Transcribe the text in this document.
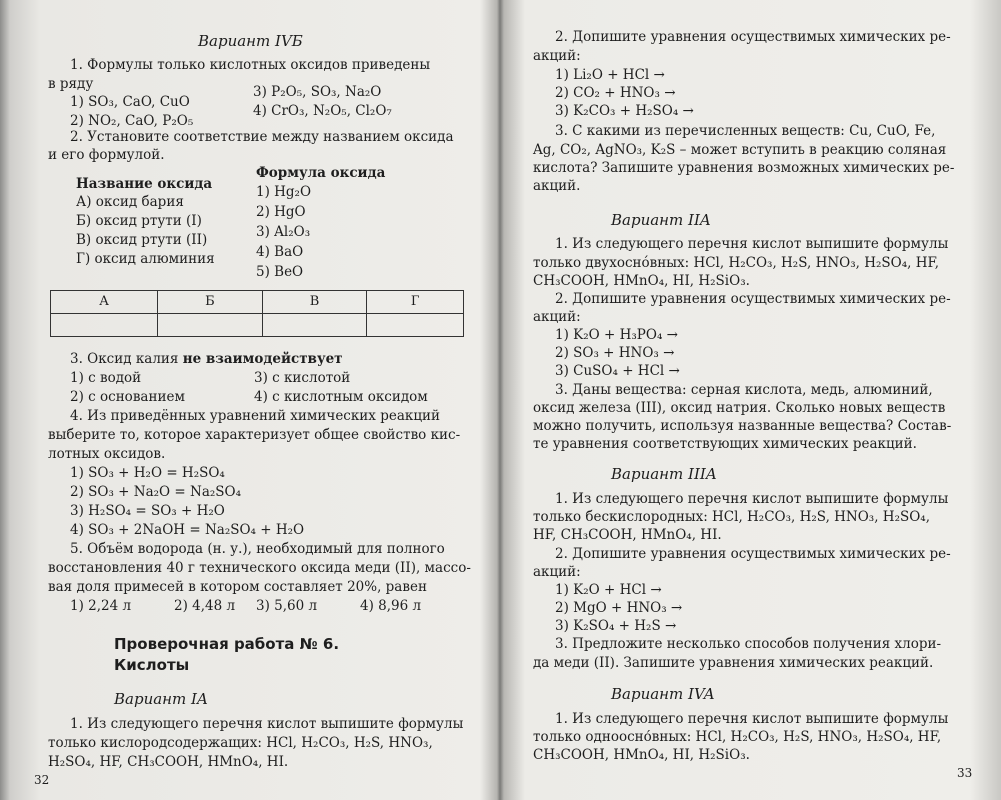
Вариант IVБ
1. Формулы только кислотных оксидов приведены
в ряду
1) SO₃, CaO, CuO
3) P₂O₅, SO₃, Na₂O
2) NO₂, CaO, P₂O₅
4) CrO₃, N₂O₅, Cl₂O₇
2. Установите соответствие между названием оксида
и его формулой.
Название оксида
Формула оксида
А) оксид бария
Б) оксид ртути (I)
В) оксид ртути (II)
Г) оксид алюминия
1) Hg₂O
2) HgO
3) Al₂O₃
4) BaO
5) BeO
А	Б	В	Г

3. Оксид калия не взаимодействует
1) с водой	3) с кислотой
2) с основанием	4) с кислотным оксидом
4. Из приведённых уравнений химических реакций
выберите то, которое характеризует общее свойство кис-
лотных оксидов.
1) SO₃ + H₂O = H₂SO₄
2) SO₃ + Na₂O = Na₂SO₄
3) H₂SO₄ = SO₃ + H₂O
4) SO₃ + 2NaOH = Na₂SO₄ + H₂O
5. Объём водорода (н. у.), необходимый для полного
восстановления 40 г технического оксида меди (II), массо-
вая доля примесей в котором составляет 20%, равен
1) 2,24 л	2) 4,48 л 3) 5,60 л	4) 8,96 л
Проверочная работа № 6.
Кислоты
Вариант IA
1. Из следующего перечня кислот выпишите формулы
только кислородсодержащих: HCl, H₂CO₃, H₂S, HNO₃,
H₂SO₄, HF, CH₃COOH, HMnO₄, HI.
32
2. Допишите уравнения осуществимых химических ре-
акций:
1) Li₂O + HCl →
2) CO₂ + HNO₃ →
3) K₂CO₃ + H₂SO₄ →
3. С какими из перечисленных веществ: Cu, CuO, Fe,
Ag, CO₂, AgNO₃, K₂S – может вступить в реакцию соляная
кислота? Запишите уравнения возможных химических ре-
акций.
Вариант IIA
1. Из следующего перечня кислот выпишите формулы
только двухоснóвных: HCl, H₂CO₃, H₂S, HNO₃, H₂SO₄, HF,
CH₃COOH, HMnO₄, HI, H₂SiO₃.
2. Допишите уравнения осуществимых химических ре-
акций:
1) K₂O + H₃PO₄ →
2) SO₃ + HNO₃ →
3) CuSO₄ + HCl →
3. Даны вещества: серная кислота, медь, алюминий,
оксид железа (III), оксид натрия. Сколько новых веществ
можно получить, используя названные вещества? Состав-
те уравнения соответствующих химических реакций.
Вариант IIIA
1. Из следующего перечня кислот выпишите формулы
только бескислородных: HCl, H₂CO₃, H₂S, HNO₃, H₂SO₄,
HF, CH₃COOH, HMnO₄, HI.
2. Допишите уравнения осуществимых химических ре-
акций:
1) K₂O + HCl →
2) MgO + HNO₃ →
3) K₂SO₄ + H₂S →
3. Предложите несколько способов получения хлори-
да меди (II). Запишите уравнения химических реакций.
Вариант IVA
1. Из следующего перечня кислот выпишите формулы
только одноосно́вных: HCl, H₂CO₃, H₂S, HNO₃, H₂SO₄, HF,
CH₃COOH, HMnO₄, HI, H₂SiO₃.
33
